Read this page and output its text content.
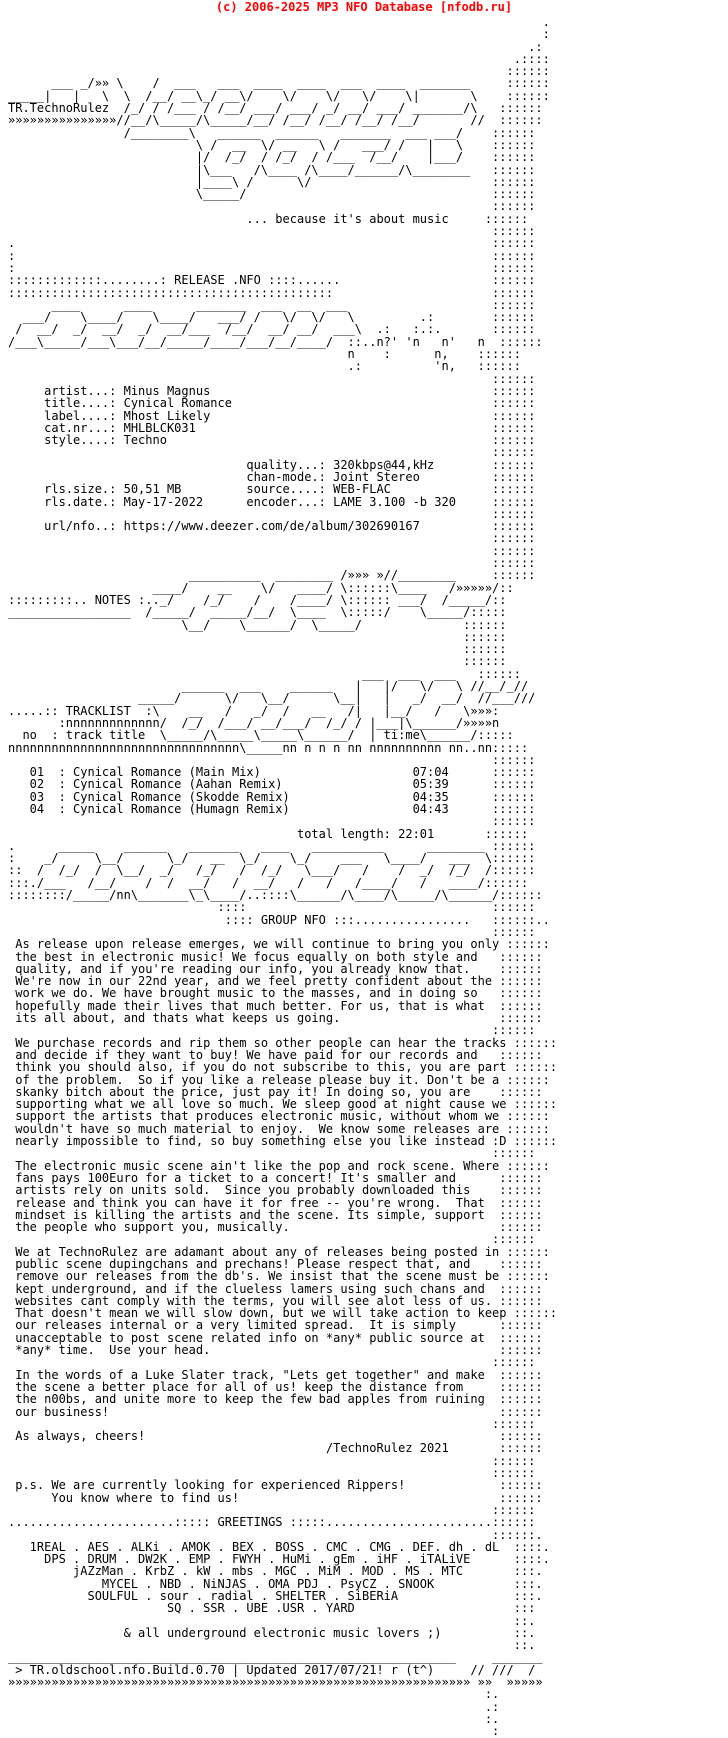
(c) 2006-2025 MP3 NFO Database [nfodb.ru]
.
:
.:
.::::
::::::
___ _/»» \    /  ___   ___  ____  ____  ___  ____  _______     ::::::
_____|   |   \  \  /__/ __\_/ __\/    \/    \/   \/    \|       \    ::::::
TR.TechnoRulez  /_/ / /___ / /__/ ___/ ___/ _/ __/ ___/ _______/\   ::::::
»»»»»»»»»»»»»»»//__/\_____/\_____/__/ /__/ /__/ /__/ /__/       //  ::::::
/________\   ______  ______   _______  ___ ___/    ::::::
\ /  __  \/ __   \ /   ___/ /   |   \    ::::::
|/  /_/  / /_/  / /___  /__/    |___/    ::::::
|\___   /\____ /\____/______/\________   ::::::
|____\ /      \/                         ::::::
\_____/                                  ::::::
::::::
... because it's about music     ::::::
::::::
.                                                                  ::::::
:                                                                  ::::::
:                                                                  ::::::
:::::::::::::........: RELEASE .NFO ::::......                     ::::::
:::::::::::::::::::::::::::::::::::::::::::::                      ::::::
____      ____      _______  ___  __  ___                    ::::::
___/    \____/    \____/   ___/ /   \/  \/   \         .:        ::::::
/  __/  _/  __/  _/  __/___  /__/  __/ __/  ___\  .:   :.:.       ::::::
/___\_____/___\___/__/_____/____/___/__/____/  ::..n?' 'n   n'   n  ::::::
n    :      n,    ::::::
.:          'n,   ::::::
::::::
artist...: Minus Magnus                                       ::::::
title....: Cynical Romance                                    ::::::
label....: Mhost Likely                                       ::::::
cat.nr...: MHLBLCK031                                         ::::::
style....: Techno                                             ::::::
::::::
quality...: 320kbps@44,kHz        ::::::
chan-mode.: Joint Stereo          ::::::
rls.size.: 50,51 MB         source....: WEB-FLAC              ::::::
rls.date.: May-17-2022      encoder...: LAME 3.100 -b 320     ::::::
::::::
url/nfo..: https://www.deezer.com/de/album/302690167          ::::::
::::::
::::::
::::::
__________  ________ /»»» »//________     ::::::
____/    __    \/   ____/ \::::::\____   /»»»»»/::
:::::::::.. NOTES :.._/    /_/    /    /____/ \:::::: ___/  /_____/::
_________________  /_____/  _____/__/  \____  \:::::/    \_____/:::::
\__/    \______/  \_____/              ::::::
::::::
::::::
::::::
___  ___  ___   ::::::
______  ___    ______   |   |/   \/   \ //__/_//
_____/      \/   \__/      \__|   |   _/  __/  //___///
.....:: TRACKLIST  :\    __   /   _/  /   __   /|   |__/   /   \»»»:
:nnnnnnnnnnnnn/  /_/  /___/ __/___/  /_/ / |___|\______/»»»»n
no  : track title  \_____/\_____\_____\______/  | ti:me\______/:::::
nnnnnnnnnnnnnnnnnnnnnnnnnnnnnnnn\_____nn n n n nn nnnnnnnnnn nn..nn:::::
::::::
01  : Cynical Romance (Main Mix)                     07:04      ::::::
02  : Cynical Romance (Aahan Remix)                  05:39      ::::::
03  : Cynical Romance (Skodde Remix)                 04:35      ::::::
04  : Cynical Romance (Humagn Remix)                 04:43      ::::::
::::::
total length: 22:01       ::::::
.      _____    ______   _______   ____   __________      ________ ::::::
:    _/     \__/      \_/   __  \_/    \_/    ___   \____/   ___  \::::::
::  /  /_/  /  \__/  _/   /_/   /  /_/   \___/   /    /  _/  /_/  /::::::
:::./___   /__/    /  /  __/   /  __/   /   /   /____/   /   ____/::::::
::::::::/_____/nn\_______\_\____/..::::\______/\____/\_____/\______/::::::
::::                                  ::::::
:::: GROUP NFO :::................   ::::::..
::::::
As release upon release emerges, we will continue to bring you only ::::::
the best in electronic music! We focus equally on both style and   ::::::
quality, and if you're reading our info, you already know that.    ::::::
We're now in our 22nd year, and we feel pretty confident about the ::::::
work we do. We have brought music to the masses, and in doing so   ::::::
hopefully made their lives that much better. For us, that is what  ::::::
its all about, and thats what keeps us going.                      ::::::
::::::
We purchase records and rip them so other people can hear the tracks ::::::
and decide if they want to buy! We have paid for our records and   ::::::
think you should also, if you do not subscribe to this, you are part ::::::
of the problem.  So if you like a release please buy it. Don't be a ::::::
skanky bitch about the price, just pay it! In doing so, you are    ::::::
supporting what we all love so much. We sleep good at night cause we ::::::
support the artists that produces electronic music, without whom we ::::::
wouldn't have so much material to enjoy.  We know some releases are ::::::
nearly impossible to find, so buy something else you like instead :D ::::::
::::::
The electronic music scene ain't like the pop and rock scene. Where ::::::
fans pays 100Euro for a ticket to a concert! It's smaller and      ::::::
artists rely on units sold.  Since you probably downloaded this    ::::::
release and think you can have it for free -- you're wrong.  That  ::::::
mindset is killing the artists and the scene. Its simple, support  ::::::
the people who support you, musically.                             ::::::
::::::
We at TechnoRulez are adamant about any of releases being posted in ::::::
public scene dupingchans and prechans! Please respect that, and    ::::::
remove our releases from the db's. We insist that the scene must be ::::::
kept underground, and if the clueless lamers using such chans and  ::::::
websites cant comply with the terms, you will see alot less of us. ::::::
That doesn't mean we will slow down, but we will take action to keep ::::::
our releases internal or a very limited spread.  It is simply      ::::::
unacceptable to post scene related info on *any* public source at  ::::::
*any* time.  Use your head.                                        ::::::
::::::
In the words of a Luke Slater track, "Lets get together" and make  ::::::
the scene a better place for all of us! keep the distance from     ::::::
the n00bs, and unite more to keep the few bad apples from ruining  ::::::
our business!                                                      ::::::
::::::
As always, cheers!                                                 ::::::
/TechnoRulez 2021       ::::::
::::::
::::::
p.s. We are currently looking for experienced Rippers!             ::::::
You know where to find us!                                    ::::::
::::::
.......................::::: GREETINGS :::::.......................::::::
::::::.
1REAL . AES . ALKi . AMOK . BEX . BOSS . CMC . CMG . DEF. dh . dL  ::::.
DPS . DRUM . DW2K . EMP . FWYH . HuMi . gEm . iHF . iTALiVE      ::::.
jAZzMan . KrbZ . kW . mbs . MGC . MiM . MOD . MS . MTC       :::.
MYCEL . NBD . NiNJAS . OMA PDJ . PsyCZ . SNOOK           :::.
SOULFUL . sour . radial . SHELTER . SiBERiA                :::.
SQ . SSR . UBE .USR . YARD                      :::
::.
& all underground electronic music lovers ;)          ::.
::.
______________________________________________________________     _______
> TR.oldschool.nfo.Build.0.70 | Updated 2017/07/21! r (t^)     // ///  /
»»»»»»»»»»»»»»»»»»»»»»»»»»»»»»»»»»»»»»»»»»»»»»»»»»»»»»»»»»»»»»»» »»  »»»»»
:.
.:
:.
:
